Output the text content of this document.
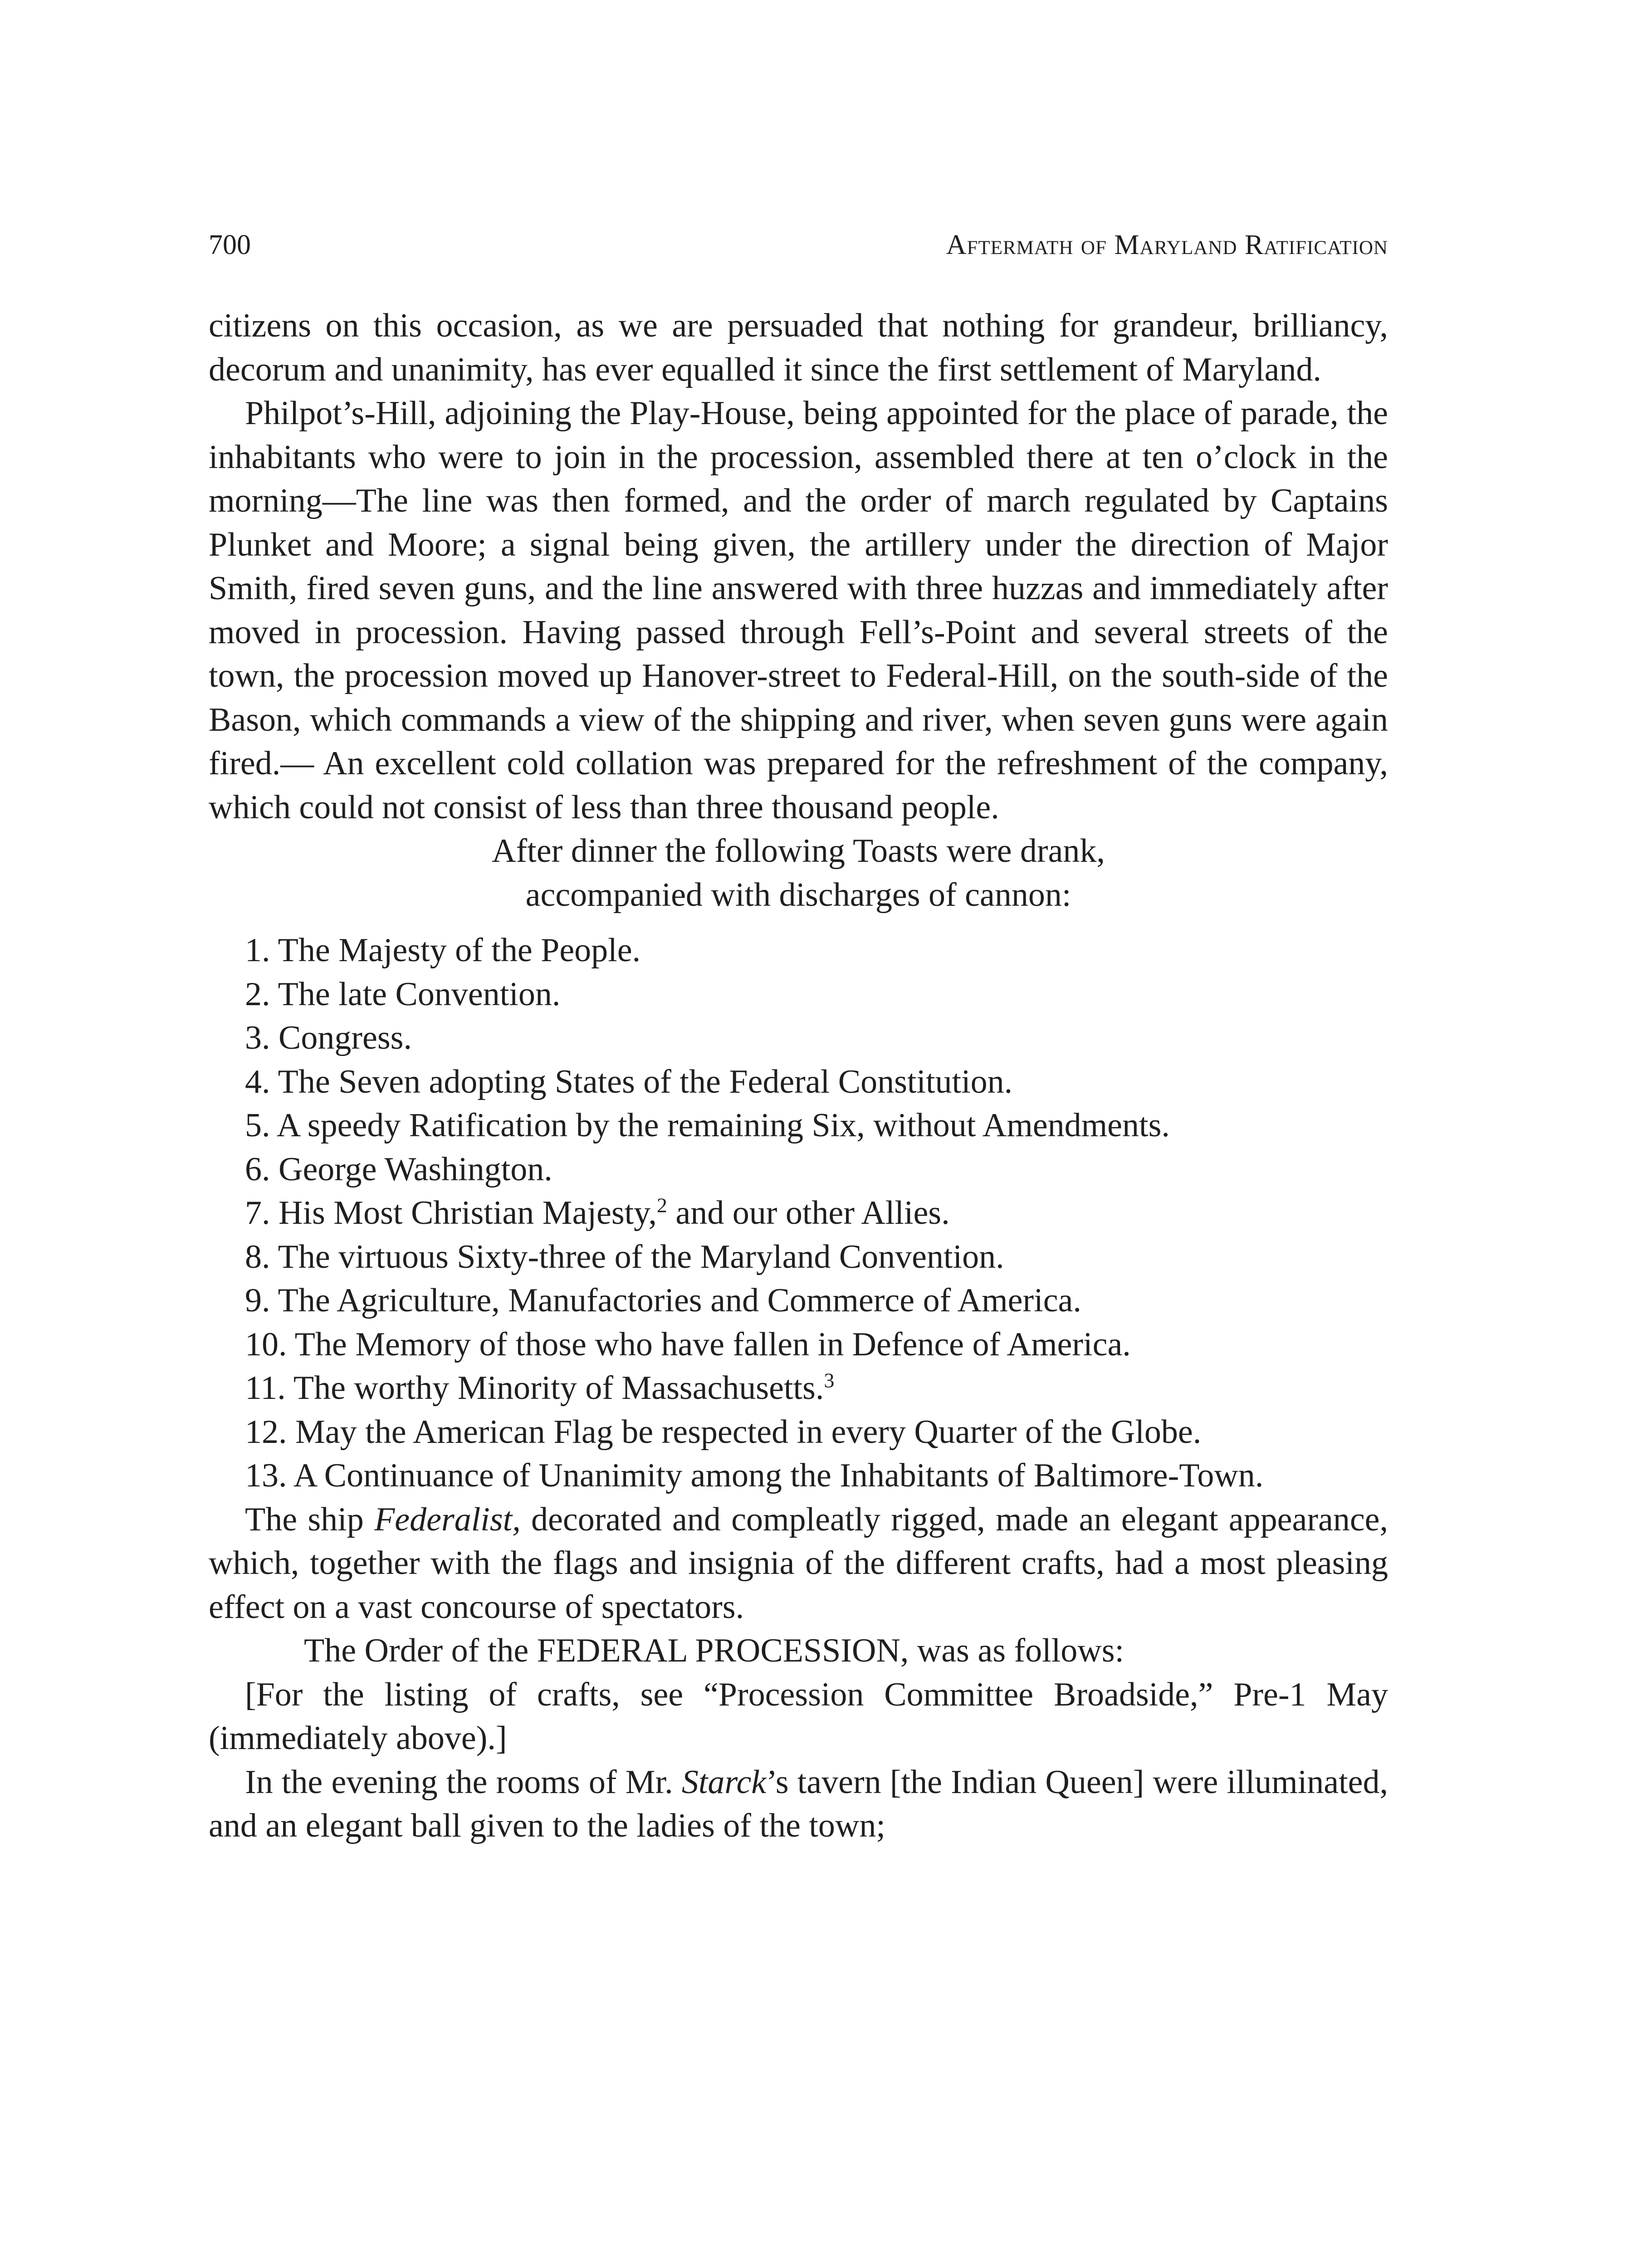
700	Aftermath of Maryland Ratification

citizens on this occasion, as we are persuaded that nothing for grandeur, brilliancy, decorum and unanimity, has ever equalled it since the first settlement of Maryland.

Philpot’s-Hill, adjoining the Play-House, being appointed for the place of parade, the inhabitants who were to join in the procession, assembled there at ten o’clock in the morning—The line was then formed, and the order of march regulated by Captains Plunket and Moore; a signal being given, the artillery under the direction of Major Smith, fired seven guns, and the line answered with three huzzas and immediately after moved in procession. Having passed through Fell’s-Point and several streets of the town, the procession moved up Hanover-street to Federal-Hill, on the south-side of the Bason, which commands a view of the shipping and river, when seven guns were again fired.— An excellent cold collation was prepared for the refreshment of the company, which could not consist of less than three thousand people.

After dinner the following Toasts were drank,

accompanied with discharges of cannon:

1. The Majesty of the People.
2. The late Convention.
3. Congress.
4. The Seven adopting States of the Federal Constitution.
5. A speedy Ratification by the remaining Six, without Amendments.
6. George Washington.
7. His Most Christian Majesty,$^2$ and our other Allies.
8. The virtuous Sixty-three of the Maryland Convention.
9. The Agriculture, Manufactories and Commerce of America.
10. The Memory of those who have fallen in Defence of America.
11. The worthy Minority of Massachusetts.$^3$
12. May the American Flag be respected in every Quarter of the Globe.
13. A Continuance of Unanimity among the Inhabitants of Baltimore-Town.

The ship Federalist, decorated and compleatly rigged, made an elegant appearance, which, together with the flags and insignia of the different crafts, had a most pleasing effect on a vast concourse of spectators.

The Order of the FEDERAL PROCESSION, was as follows:

[For the listing of crafts, see “Procession Committee Broadside,” Pre-1 May (immediately above).]

In the evening the rooms of Mr. Starck’s tavern [the Indian Queen] were illuminated, and an elegant ball given to the ladies of the town;
